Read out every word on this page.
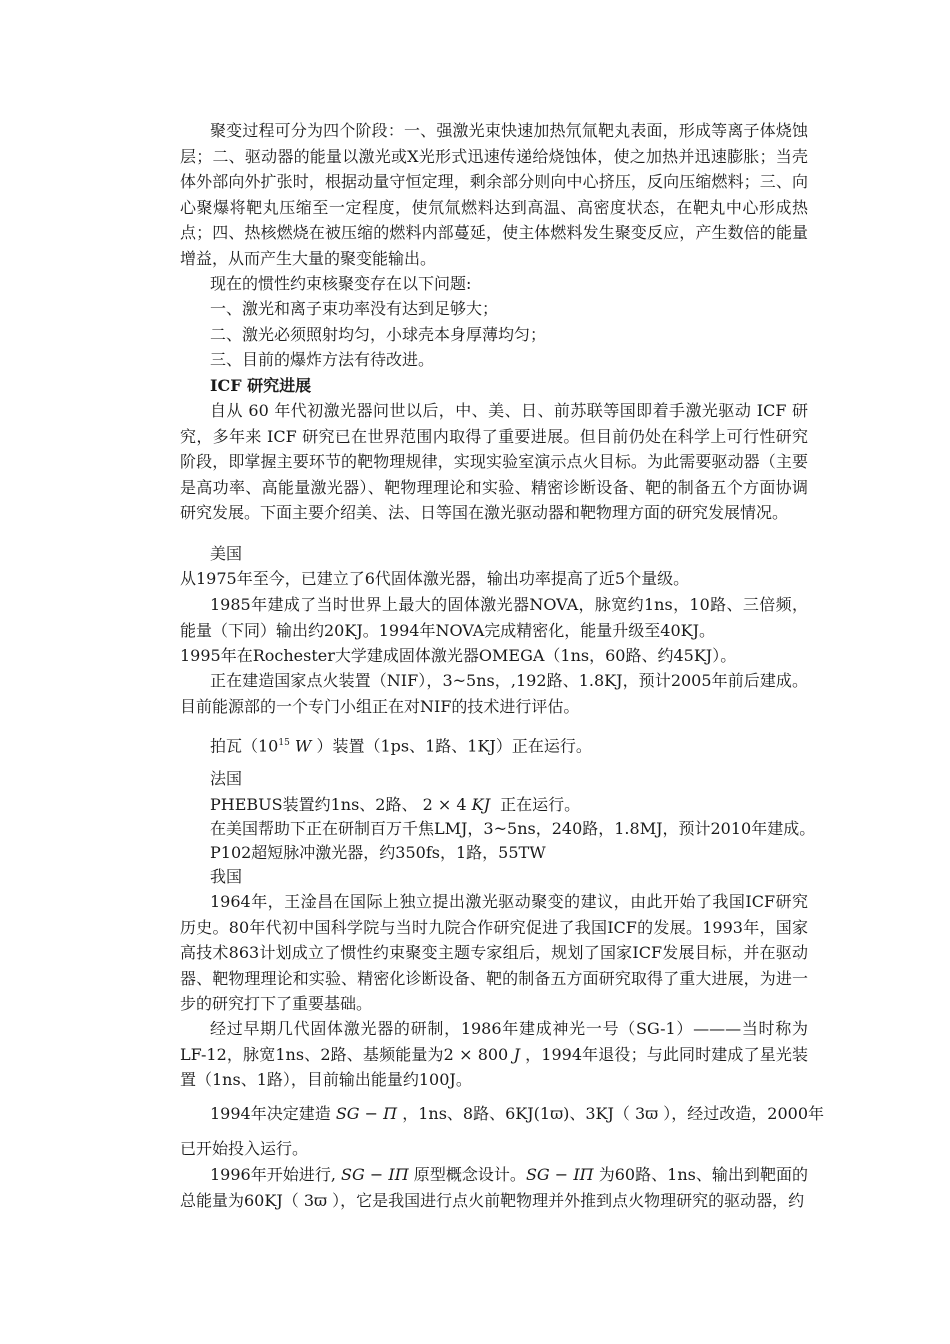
聚变过程可分为四个阶段：一、强激光束快速加热氘氚靶丸表面，形成等离子体烧蚀层；二、驱动器的能量以激光或X光形式迅速传递给烧蚀体，使之加热并迅速膨胀；当壳体外部向外扩张时，根据动量守恒定理，剩余部分则向中心挤压，反向压缩燃料；三、向心聚爆将靶丸压缩至一定程度，使氘氚燃料达到高温、高密度状态，在靶丸中心形成热点；四、热核燃烧在被压缩的燃料内部蔓延，使主体燃料发生聚变反应，产生数倍的能量增益，从而产生大量的聚变能输出。

现在的惯性约束核聚变存在以下问题:

一、激光和离子束功率没有达到足够大；

二、激光必须照射均匀，小球壳本身厚薄均匀；

三、目前的爆炸方法有待改进。

ICF 研究进展

自从 60 年代初激光器问世以后，中、美、日、前苏联等国即着手激光驱动 ICF 研究，多年来 ICF 研究已在世界范围内取得了重要进展。但目前仍处在科学上可行性研究阶段，即掌握主要环节的靶物理规律，实现实验室演示点火目标。为此需要驱动器（主要是高功率、高能量激光器）、靶物理理论和实验、精密诊断设备、靶的制备五个方面协调研究发展。下面主要介绍美、法、日等国在激光驱动器和靶物理方面的研究发展情况。

美国

从1975年至今，已建立了6代固体激光器，输出功率提高了近5个量级。

1985年建成了当时世界上最大的固体激光器NOVA，脉宽约1ns，10路、三倍频，能量（下同）输出约20KJ。1994年NOVA完成精密化，能量升级至40KJ。

1995年在Rochester大学建成固体激光器OMEGA（1ns，60路、约45KJ）。

正在建造国家点火装置（NIF），3~5ns，,192路、1.8KJ，预计2005年前后建成。目前能源部的一个专门小组正在对NIF的技术进行评估。

拍瓦（$10^{15}$ W ）装置（1ps、1路、1KJ）正在运行。

法国

PHEBUS装置约1ns、2路、 2 × 4 KJ 正在运行。

在美国帮助下正在研制百万千焦LMJ，3~5ns，240路，1.8MJ，预计2010年建成。

P102超短脉冲激光器，约350fs，1路，55TW

我国

1964年，王淦昌在国际上独立提出激光驱动聚变的建议，由此开始了我国ICF研究历史。80年代初中国科学院与当时九院合作研究促进了我国ICF的发展。1993年，国家高技术863计划成立了惯性约束聚变主题专家组后，规划了国家ICF发展目标，并在驱动器、靶物理理论和实验、精密化诊断设备、靶的制备五方面研究取得了重大进展，为进一步的研究打下了重要基础。

经过早期几代固体激光器的研制，1986年建成神光一号（SG-1）———当时称为LF-12，脉宽1ns、2路、基频能量为2 × 800 J ，1994年退役；与此同时建成了星光装置（1ns、1路），目前输出能量约100J。

1994年决定建造 SG − Π ，1ns、8路、6KJ(1ϖ)、3KJ（ 3ϖ ），经过改造，2000年

已开始投入运行。

1996年开始进行, SG − ΙΠ 原型概念设计。SG − ΙΠ 为60路、1ns、输出到靶面的总能量为60KJ（ 3ϖ ），它是我国进行点火前靶物理并外推到点火物理研究的驱动器，约
